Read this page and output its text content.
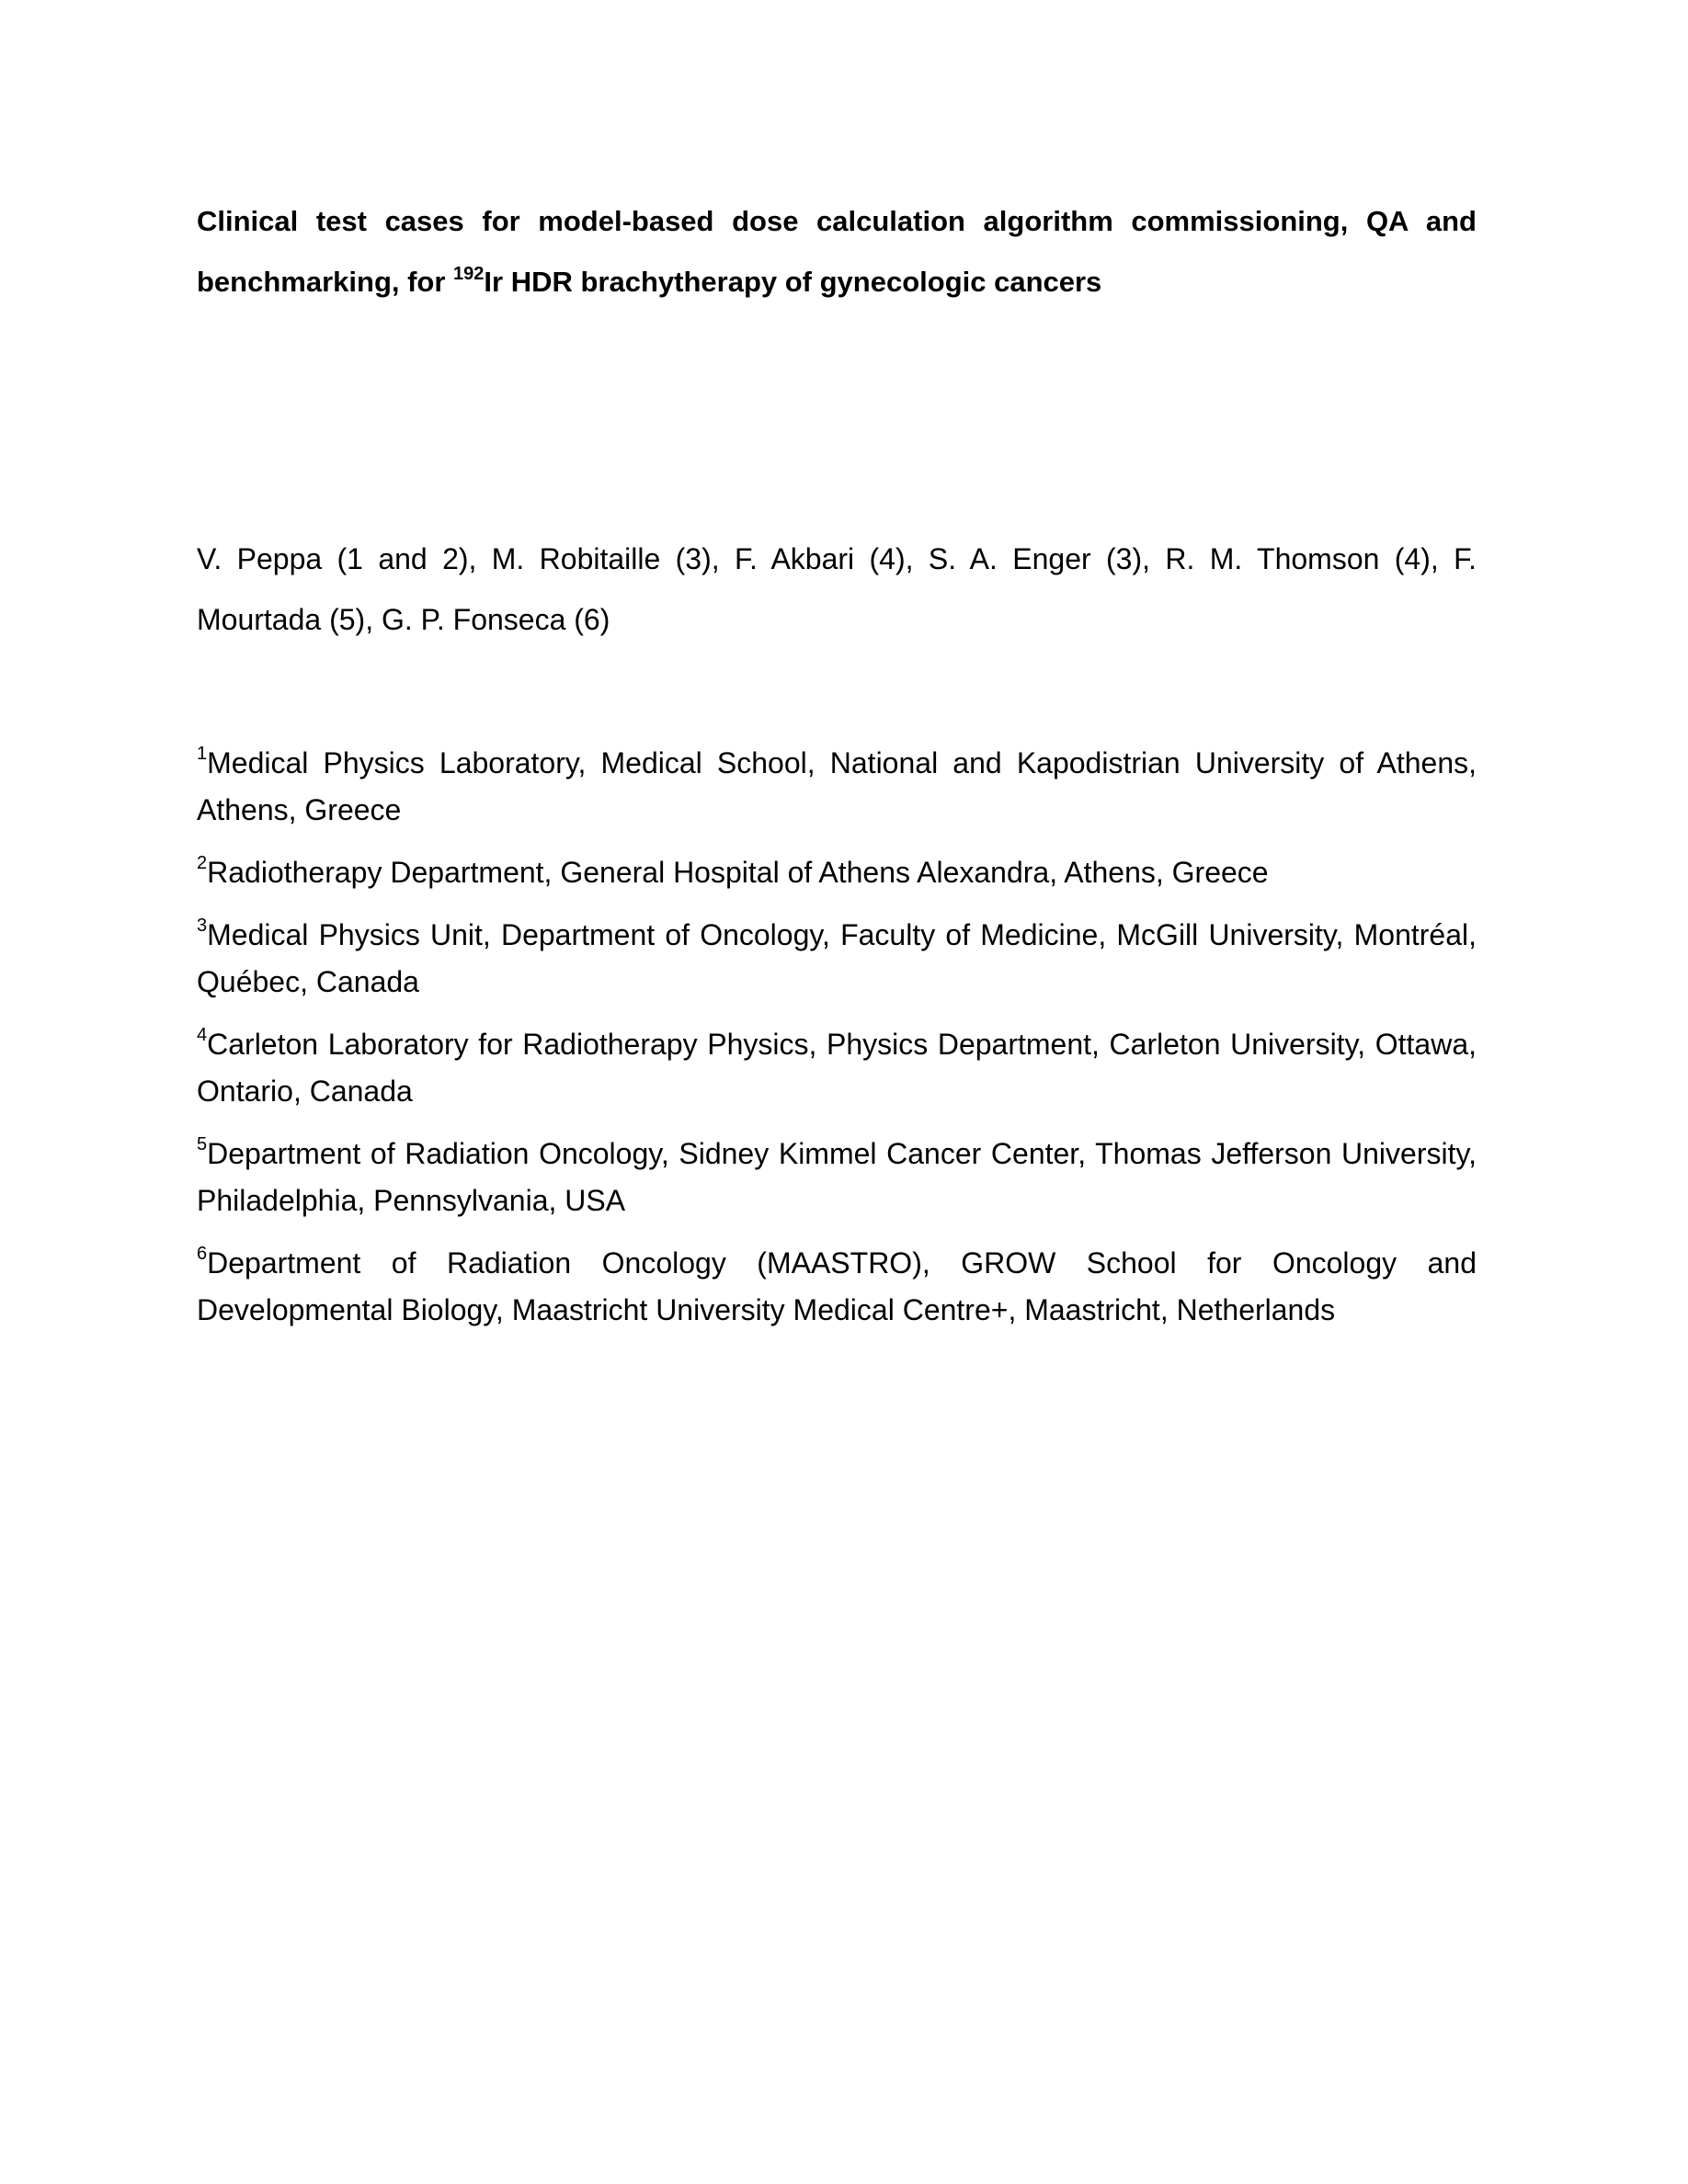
Clinical test cases for model-based dose calculation algorithm commissioning, QA and benchmarking, for $^{192}$Ir HDR brachytherapy of gynecologic cancers

V. Peppa (1 and 2), M. Robitaille (3), F. Akbari (4), S. A. Enger (3), R. M. Thomson (4), F. Mourtada (5), G. P. Fonseca (6)

$^1$Medical Physics Laboratory, Medical School, National and Kapodistrian University of Athens, Athens, Greece
$^2$Radiotherapy Department, General Hospital of Athens Alexandra, Athens, Greece
$^3$Medical Physics Unit, Department of Oncology, Faculty of Medicine, McGill University, Montréal, Québec, Canada
$^4$Carleton Laboratory for Radiotherapy Physics, Physics Department, Carleton University, Ottawa, Ontario, Canada
$^5$Department of Radiation Oncology, Sidney Kimmel Cancer Center, Thomas Jefferson University, Philadelphia, Pennsylvania, USA
$^6$Department of Radiation Oncology (MAASTRO), GROW School for Oncology and Developmental Biology, Maastricht University Medical Centre+, Maastricht, Netherlands
